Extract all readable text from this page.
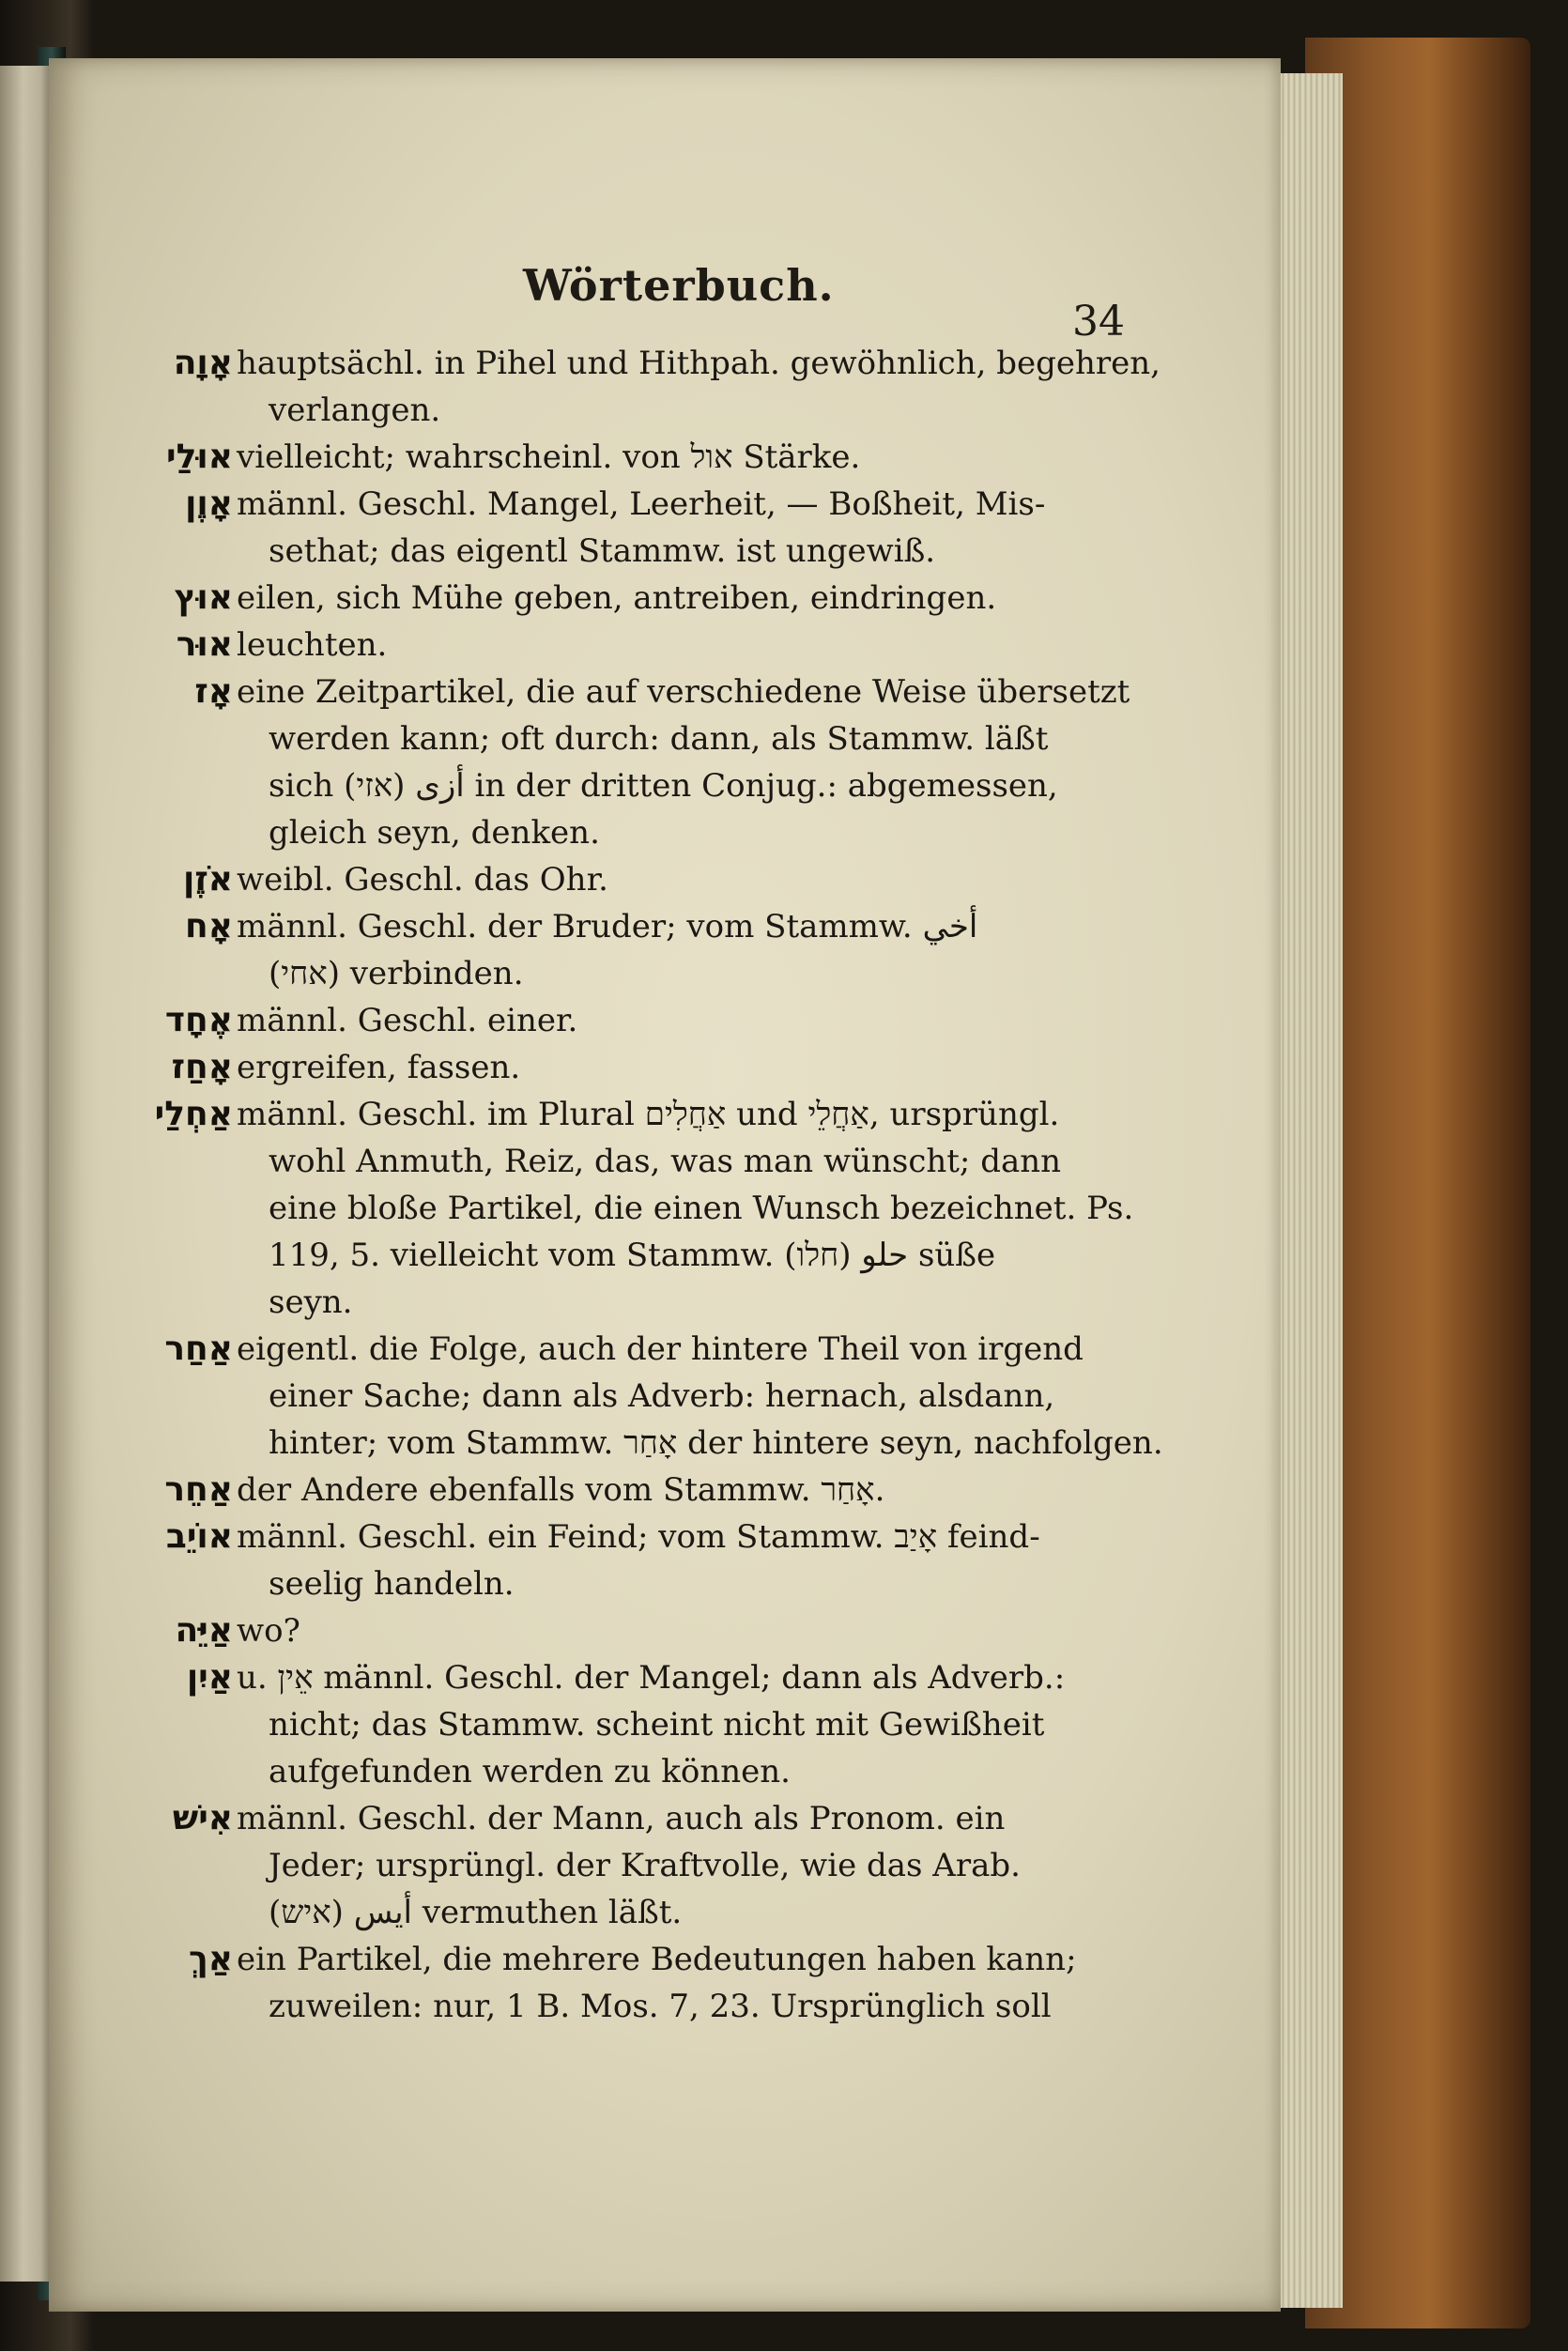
Wörterbuch.
34
אָוָה hauptsächl. in Pihel und Hithpah. gewöhnlich, begehren,
verlangen.
אוּלַי vielleicht; wahrscheinl. von אול Stärke.
אָוֶן männl. Geschl. Mangel, Leerheit, — Boßheit, Mis-
sethat; das eigentl Stammw. ist ungewiß.
אוּץ eilen, sich Mühe geben, antreiben, eindringen.
אוּר leuchten.
אָז eine Zeitpartikel, die auf verschiedene Weise übersetzt
werden kann; oft durch: dann, als Stammw. läßt
sich أزى (אזי) in der dritten Conjug.: abgemessen,
gleich seyn, denken.
אֹזֶן weibl. Geschl. das Ohr.
אָח männl. Geschl. der Bruder; vom Stammw. أخي
(אחי) verbinden.
אֶחָד männl. Geschl. einer.
אָחַז ergreifen, fassen.
אַחְלַי männl. Geschl. im Plural אַחֲלִים und אַחֲלֵי, ursprüngl.
wohl Anmuth, Reiz, das, was man wünscht; dann
eine bloße Partikel, die einen Wunsch bezeichnet. Ps.
119, 5. vielleicht vom Stammw. حلو (חלו) süße
seyn.
אַחַר eigentl. die Folge, auch der hintere Theil von irgend
einer Sache; dann als Adverb: hernach, alsdann,
hinter; vom Stammw. אָחַר der hintere seyn, nachfolgen.
אַחֵר der Andere ebenfalls vom Stammw. אָחַר.
אוֹיֵב männl. Geschl. ein Feind; vom Stammw. אָיַב feind-
seelig handeln.
אַיֵּה wo?
אַיִן u. אֵין männl. Geschl. der Mangel; dann als Adverb.:
nicht; das Stammw. scheint nicht mit Gewißheit
aufgefunden werden zu können.
אִישׁ männl. Geschl. der Mann, auch als Pronom. ein
Jeder; ursprüngl. der Kraftvolle, wie das Arab.
أيس (איש) vermuthen läßt.
אַךְ ein Partikel, die mehrere Bedeutungen haben kann;
zuweilen: nur, 1 B. Mos. 7, 23. Ursprünglich soll
